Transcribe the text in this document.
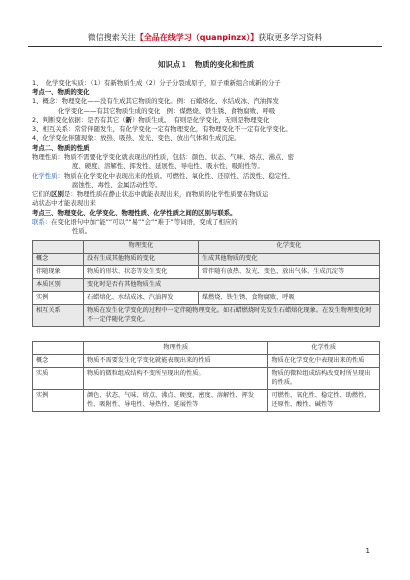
微信搜索关注【全品在线学习（quanpinzx）】获取更多学习资料
知识点１　物质的变化和性质

1、　 化学变化实质：（1）有新物质生成（2）分子分裂成原子，原子重新组合成新的分子

考点一、物质的变化

1、概念：物理变化——没有生成其它物质的变化。例：石蜡熔化、水结成冰、汽油挥发

化学变化——有其它物质生成的变化　例：煤燃烧、铁生锈、食物腐败、呼吸

2、判断变化依据：是否有其它（新）物质生成。　有则是化学变化，无则是物理变化

3、相互关系：常常伴随发生，有化学变化一定有物理变化，有物理变化不一定有化学变化。

4、化学变化伴随现象：放热、吸热、发光、变色、放出气体和生成沉淀。

考点二、物质的性质

物理性质：物质不需要化学变化就表现出的性质，包括：颜色、状态、气味、熔点、沸点、密

度、硬度、溶解性、挥发性、延展性、导电性、吸水性、吸附性等。

化学性质：物质在化学变化中表现出来的性质。可燃性、氧化性、还原性、活泼性、稳定性、

腐蚀性、毒性、金属活动性等。

它们的区别是：物理性质在静止状态中就能表现出来，而物质的化学性质要在物质运

动状态中才能表现出来

考点三、物理变化、化学变化、物理性质、化学性质之间的区别与联系。

联系：在变化语句中加“能”“可以”“易”“会”“难于”等词语，变成了相应的

性质。

	物理变化	化学变化
概念	没有生成其他物质的变化	生成其他物质的变化
伴随现象	物质的形状、状态等发生变化	常伴随有放热、发光、变色，放出气体、生成沉淀等
本质区别	变化时是否有其他物质生成	
实例	石蜡熔化、水结成冰、汽油挥发	煤燃烧、铁生锈、食物腐败、呼吸
相互关系	物质在发生化学变化的过程中一定伴随物理变化。如石蜡燃烧时先发生石蜡熔化现象。在发生物理变化时不一定伴随化学变化。	
	物理性质	化学性质
概念	物质不需要发生化学变化就能表现出来的性质	物质在化学变化中表现出来的性质
实质	物质的微粒组成结构不变所呈现出的性质。	物质的微粒组成结构改变时所呈现出的性质。
实例	颜色、状态、气味、熔点、沸点、硬度、密度、溶解性、挥发性、吸附性、导电性、导热性、延展性等	可燃性、氧化性、稳定性、助燃性、还原性、酸性、碱性等
1
